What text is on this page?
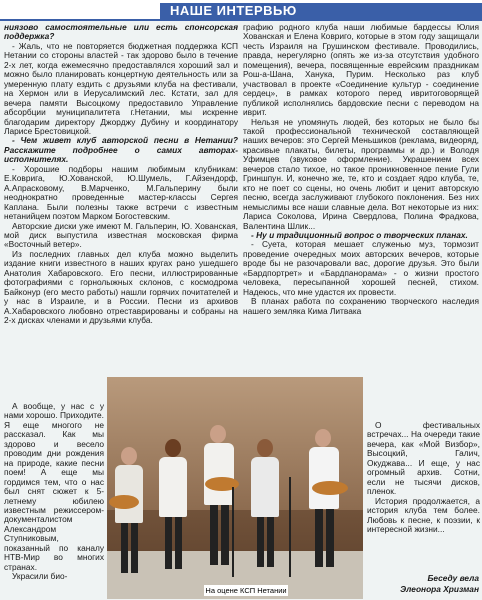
НАШЕ ИНТЕРВЬЮ

ниязово самостоятельные или есть спонсорская поддержка?

- Жаль, что не повторяется бюджетная поддержка КСП Нетании со стороны властей - так здорово было в течение 2-х лет, когда ежемесячно предоставлялся хороший зал и можно было планировать концертную деятельность или за умеренную плату ездить с друзьями клуба на фестивали, на Хермон или в Иерусалимский лес. Кстати, зал для вечера памяти Высоцкому предоставило Управление абсорбции муниципалитета г.Нетании, мы искренне благодарим директору Джорджу Дубину и координатору Ларисе Брестовицкой.

- Чем живет клуб авторской песни в Нетании? Расскажите подробнее о самих авторах-исполнителях.

- Хорошие подборы нашим любимым клубникам: Е.Коврига, Ю.Хованской, Ю.Шумель, Г.Айзендорф, А.Апрасковому, В.Марченко, М.Гальперину были неоднократно проведенные мастер-классы Сергея Каплана. Были полезны также встречи с известным нетанийцем поэтом Марком Богостевским.

Авторские диски уже имеют М. Гальперин, Ю. Хованская, мой диск выпустила известная московская фирма «Восточный ветер».

Из последних главных дел клуба можно выделить издание книги известного в наших кругах рано ушедшего Анатолия Хабаровского. Его песни, иллюстрированные фотографиями с горнолыжных склонов, с космодрома Байконур (его место работы) нашли горячих почитателей и у нас в Израиле, и в России. Песни из архивов А.Хабаровского любовно отреставрированы и собраны на 2-х дисках членами и друзьями клуба.

А вообще, у нас с у нами хорошо. Приходите. Я еще многого не рассказал. Как мы здорово и весело проводим дни рождения на природе, какие песни поем! А еще мы гордимся тем, что о нас был снят сюжет к 5-летнему юбилею известным режиссером-документалистом Александром Ступниковым, показанный по каналу НТВ-Мир во многих странах.

Украсили био-

графию родного клуба наши любимые бардессы Юлия Хованская и Елена Ковриго, которые в этом году защищали честь Израиля на Грушинском фестивале. Проводились, правда, нерегулярно (опять же из-за отсутствия удобного помещения), вечера, посвященные еврейским праздникам Рош-а-Шана, Ханука, Пурим. Несколько раз клуб участвовал в проекте «Соединение культур - соединение сердец», в рамках которого перед ивритоговорящей публикой исполнялись бардовские песни с переводом на иврит.

Нельзя не упомянуть людей, без которых не было бы такой профессиональной технической составляющей наших вечеров: это Сергей Меньшиков (реклама, видеоряд, красивые плакаты, билеты, программы и др.) и Володя Уфимцев (звуковое оформление). Украшением всех вечеров стало тихое, но такое проникновенное пение Гули Гриншпун. И, конечно же, те, кто и создает ядро клуба, те, кто не поет со сцены, но очень любит и ценит авторскую песню, всегда заслуживают глубокого поклонения. Без них немыслимы все наши славные дела. Вот некоторые из них: Лариса Соколова, Ирина Свердлова, Полина Фрадкова, Валентина Шлик...

- Ну и традиционный вопрос о творческих планах.

- Суета, которая мешает служенью муз, тормозит проведение очередных моих авторских вечеров, которые вроде бы не разочаровали вас, дорогие друзья. Это были «Бардпортрет» и «Бардпанорама» - о жизни простого человека, пересыпанной хорошей песней, стихом. Надеюсь, что мне удастся их провести.

В планах работа по сохранению творческого наследия нашего земляка Кима Литвака

О фестивальных встречах... На очереди такие вечера, как «Мой Визбор», Высоцкий, Галич, Окуджава... И еще, у нас огромный архив. Сотни, если не тысячи дисков, пленок.

История продолжается, а история клуба тем более. Любовь к песне, к поэзии, к интересной жизни...

Беседу вела
Элеонора Хризман
На оцене КСП Нетании
